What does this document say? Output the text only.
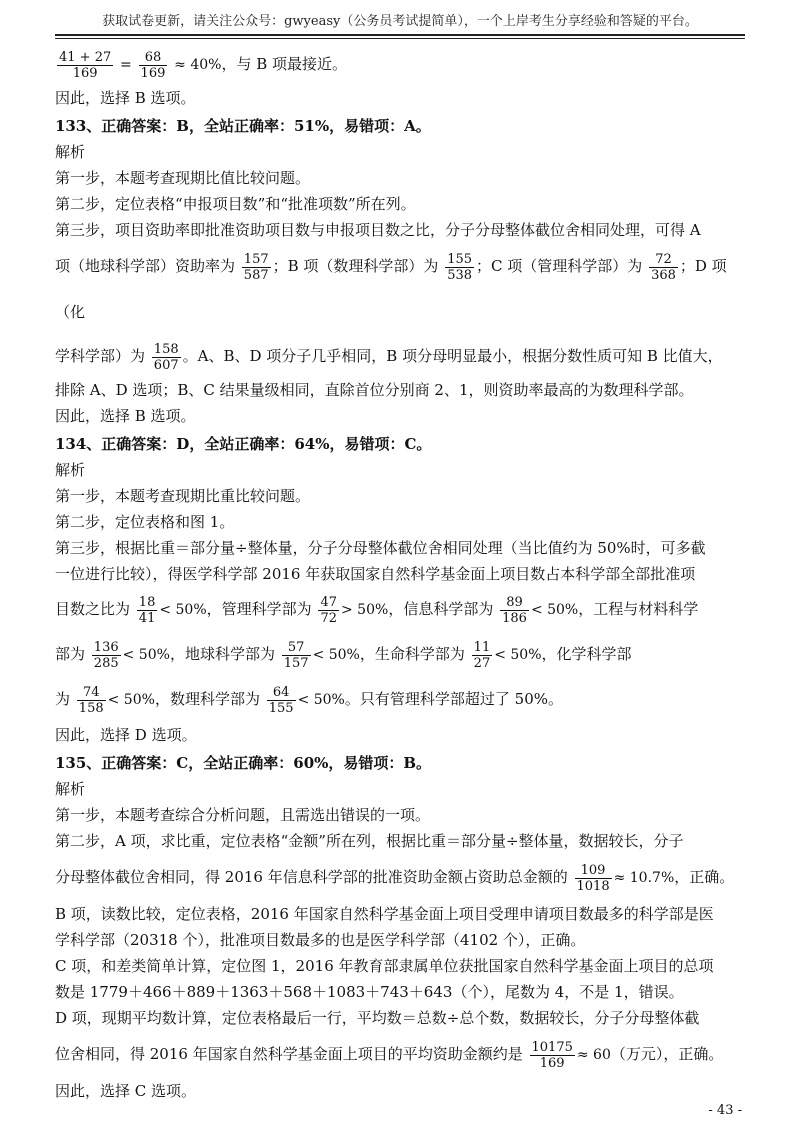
获取试卷更新，请关注公众号：gwyeasy（公务员考试提简单），一个上岸考生分享经验和答疑的平台。
$\frac{41 + 27}{169} = \frac{68}{169} \approx 40\%$，与 B 项最接近。
因此，选择 B 选项。
133、正确答案：B，全站正确率：51%，易错项：A。
解析
第一步，本题考查现期比值比较问题。
第二步，定位表格“申报项目数”和“批准项数”所在列。
第三步，项目资助率即批准资助项目数与申报项目数之比，分子分母整体截位舍相同处理，可得 A
项（地球科学部）资助率为 $\frac{157}{587}$ ；B 项（数理科学部）为 $\frac{155}{538}$ ；C 项（管理科学部）为 $\frac{72}{368}$ ；D 项（化
学科学部）为 $\frac{158}{607}$ 。A、B、D 项分子几乎相同，B 项分母明显最小，根据分数性质可知 B 比值大，
排除 A、D 选项；B、C 结果量级相同，直除首位分别商 2、1，则资助率最高的为数理科学部。
因此，选择 B 选项。
134、正确答案：D，全站正确率：64%，易错项：C。
解析
第一步，本题考查现期比重比较问题。
第二步，定位表格和图 1。
第三步，根据比重＝部分量÷整体量，分子分母整体截位舍相同处理（当比值约为 50%时，可多截
一位进行比较），得医学科学部 2016 年获取国家自然科学基金面上项目数占本科学部全部批准项
目数之比为 $\frac{18}{41} < 50\%$，管理科学部为 $\frac{47}{72} > 50\%$，信息科学部为 $\frac{89}{186} < 50\%$，工程与材料科学
部为 $\frac{136}{285} < 50\%$，地球科学部为 $\frac{57}{157} < 50\%$，生命科学部为 $\frac{11}{27} < 50\%$，化学科学部
为 $\frac{74}{158} < 50\%$，数理科学部为 $\frac{64}{155} < 50\%$。只有管理科学部超过了 50%。
因此，选择 D 选项。
135、正确答案：C，全站正确率：60%，易错项：B。
解析
第一步，本题考查综合分析问题，且需选出错误的一项。
第二步，A 项，求比重，定位表格“金额”所在列，根据比重＝部分量÷整体量，数据较长，分子
分母整体截位舍相同，得 2016 年信息科学部的批准资助金额占资助总金额的 $\frac{109}{1018} \approx 10.7\%$，正确。
B 项，读数比较，定位表格，2016 年国家自然科学基金面上项目受理申请项目数最多的科学部是医
学科学部（20318 个），批准项目数最多的也是医学科学部（4102 个），正确。
C 项，和差类简单计算，定位图 1，2016 年教育部隶属单位获批国家自然科学基金面上项目的总项
数是 1779＋466＋889＋1363＋568＋1083＋743＋643（个），尾数为 4，不是 1，错误。
D 项，现期平均数计算，定位表格最后一行，平均数＝总数÷总个数，数据较长，分子分母整体截
位舍相同，得 2016 年国家自然科学基金面上项目的平均资助金额约是 $\frac{10175}{169} \approx 60$（万元），正确。
因此，选择 C 选项。
- 43 -
